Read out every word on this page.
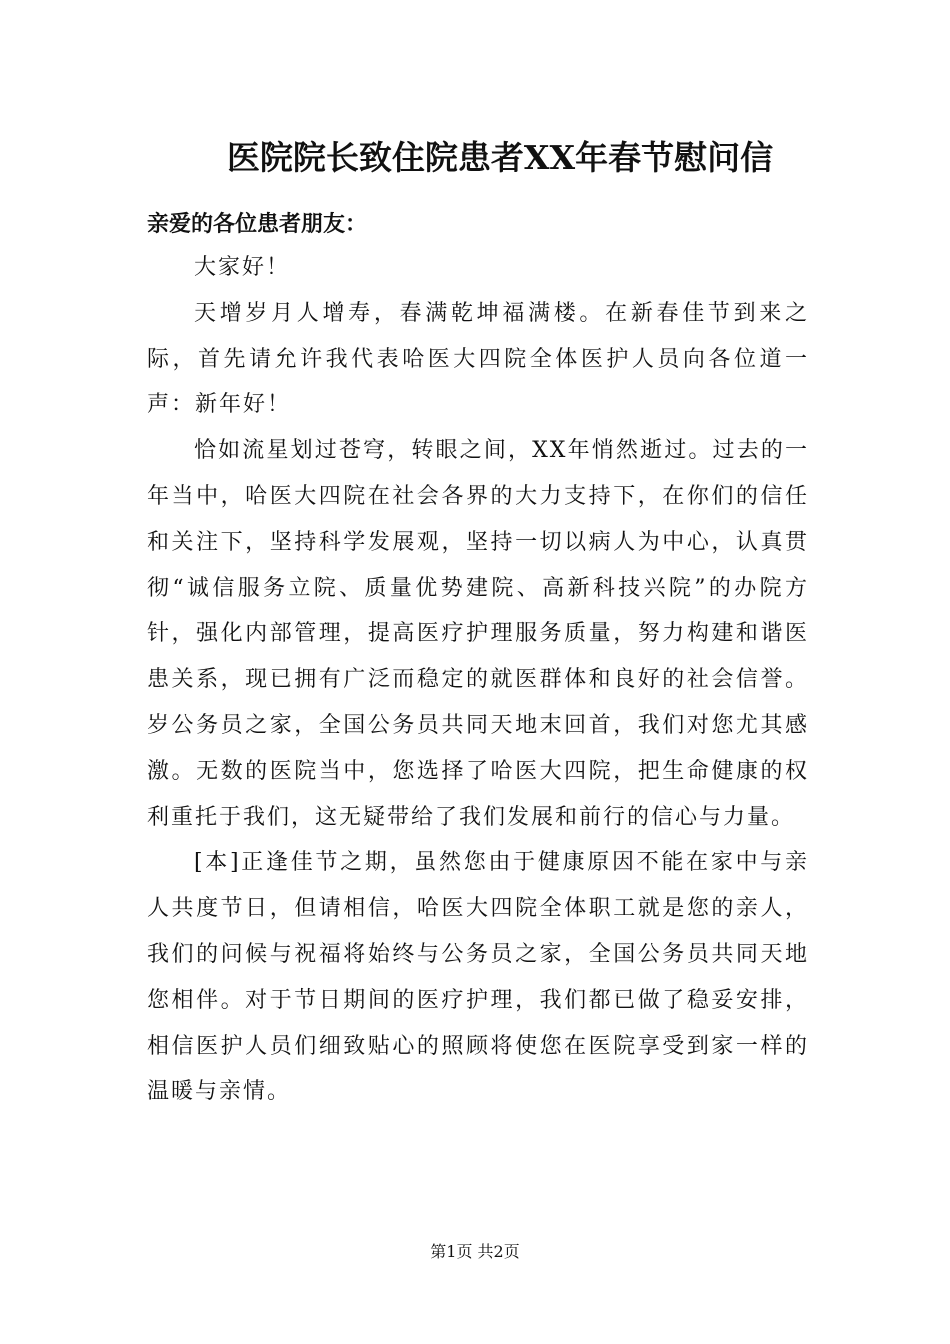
医院院长致住院患者XX年春节慰问信

亲爱的各位患者朋友：

大家好！

天增岁月人增寿，春满乾坤福满楼。在新春佳节到来之际，首先请允许我代表哈医大四院全体医护人员向各位道一声：新年好！

恰如流星划过苍穹，转眼之间，XX年悄然逝过。过去的一年当中，哈医大四院在社会各界的大力支持下，在你们的信任和关注下，坚持科学发展观，坚持一切以病人为中心，认真贯彻“诚信服务立院、质量优势建院、高新科技兴院”的办院方针，强化内部管理，提高医疗护理服务质量，努力构建和谐医患关系，现已拥有广泛而稳定的就医群体和良好的社会信誉。岁公务员之家，全国公务员共同天地末回首，我们对您尤其感激。无数的医院当中，您选择了哈医大四院，把生命健康的权利重托于我们，这无疑带给了我们发展和前行的信心与力量。

[本]正逢佳节之期，虽然您由于健康原因不能在家中与亲人共度节日，但请相信，哈医大四院全体职工就是您的亲人，我们的问候与祝福将始终与公务员之家，全国公务员共同天地您相伴。对于节日期间的医疗护理，我们都已做了稳妥安排，相信医护人员们细致贴心的照顾将使您在医院享受到家一样的温暖与亲情。

第1页 共2页
